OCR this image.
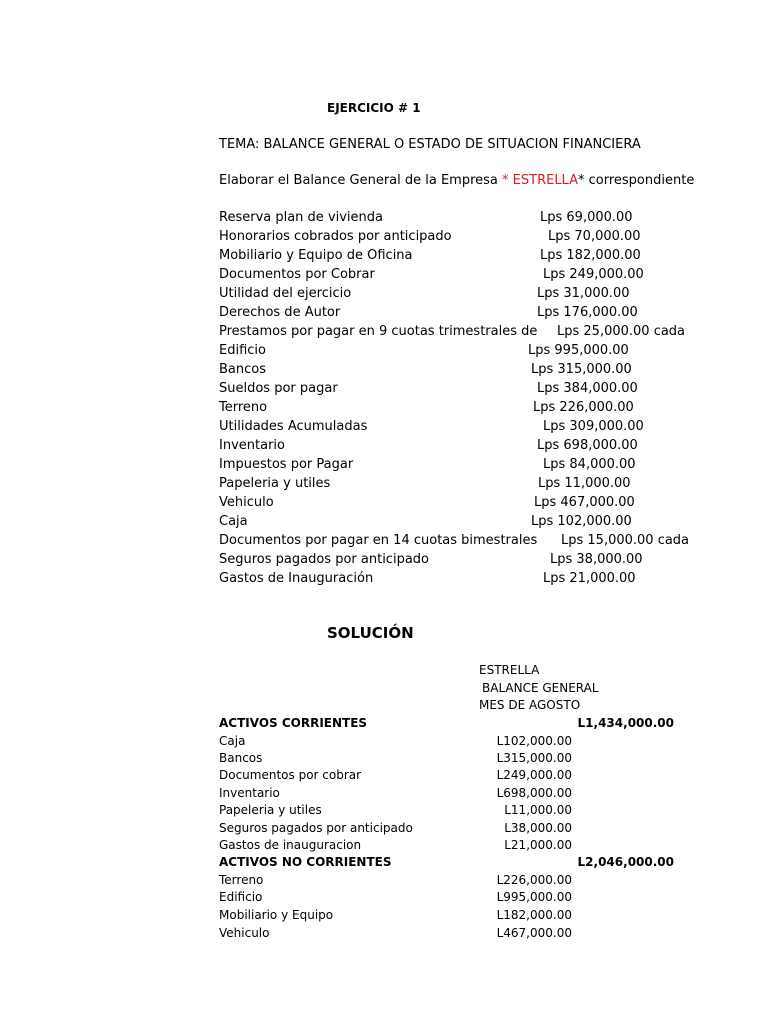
EJERCICIO # 1
TEMA: BALANCE GENERAL O ESTADO DE SITUACION FINANCIERA
Elaborar el Balance General de la Empresa * ESTRELLA* correspondiente
Reserva plan de vivienda	Lps 69,000.00
Honorarios cobrados por anticipado	Lps 70,000.00
Mobiliario y Equipo de Oficina	Lps 182,000.00
Documentos por Cobrar	Lps 249,000.00
Utilidad del ejercicio	Lps 31,000.00
Derechos de Autor	Lps 176,000.00
Prestamos por pagar en 9 cuotas trimestrales de Lps 25,000.00 cada
Edificio	Lps 995,000.00
Bancos	Lps 315,000.00
Sueldos por pagar	Lps 384,000.00
Terreno	Lps 226,000.00
Utilidades Acumuladas	Lps 309,000.00
Inventario	Lps 698,000.00
Impuestos por Pagar	Lps 84,000.00
Papeleria y utiles	Lps 11,000.00
Vehiculo	Lps 467,000.00
Caja	Lps 102,000.00
Documentos por pagar en 14 cuotas bimestrales Lps 15,000.00 cada
Seguros pagados por anticipado	Lps 38,000.00
Gastos de Inauguración	Lps 21,000.00
SOLUCIÓN
ESTRELLA
BALANCE GENERAL
MES DE AGOSTO
ACTIVOS CORRIENTES	L1,434,000.00
Caja	L102,000.00
Bancos	L315,000.00
Documentos por cobrar	L249,000.00
Inventario	L698,000.00
Papeleria y utiles	L11,000.00
Seguros pagados por anticipado	L38,000.00
Gastos de inauguracion	L21,000.00
ACTIVOS NO CORRIENTES	L2,046,000.00
Terreno	L226,000.00
Edificio	L995,000.00
Mobiliario y Equipo	L182,000.00
Vehiculo	L467,000.00
